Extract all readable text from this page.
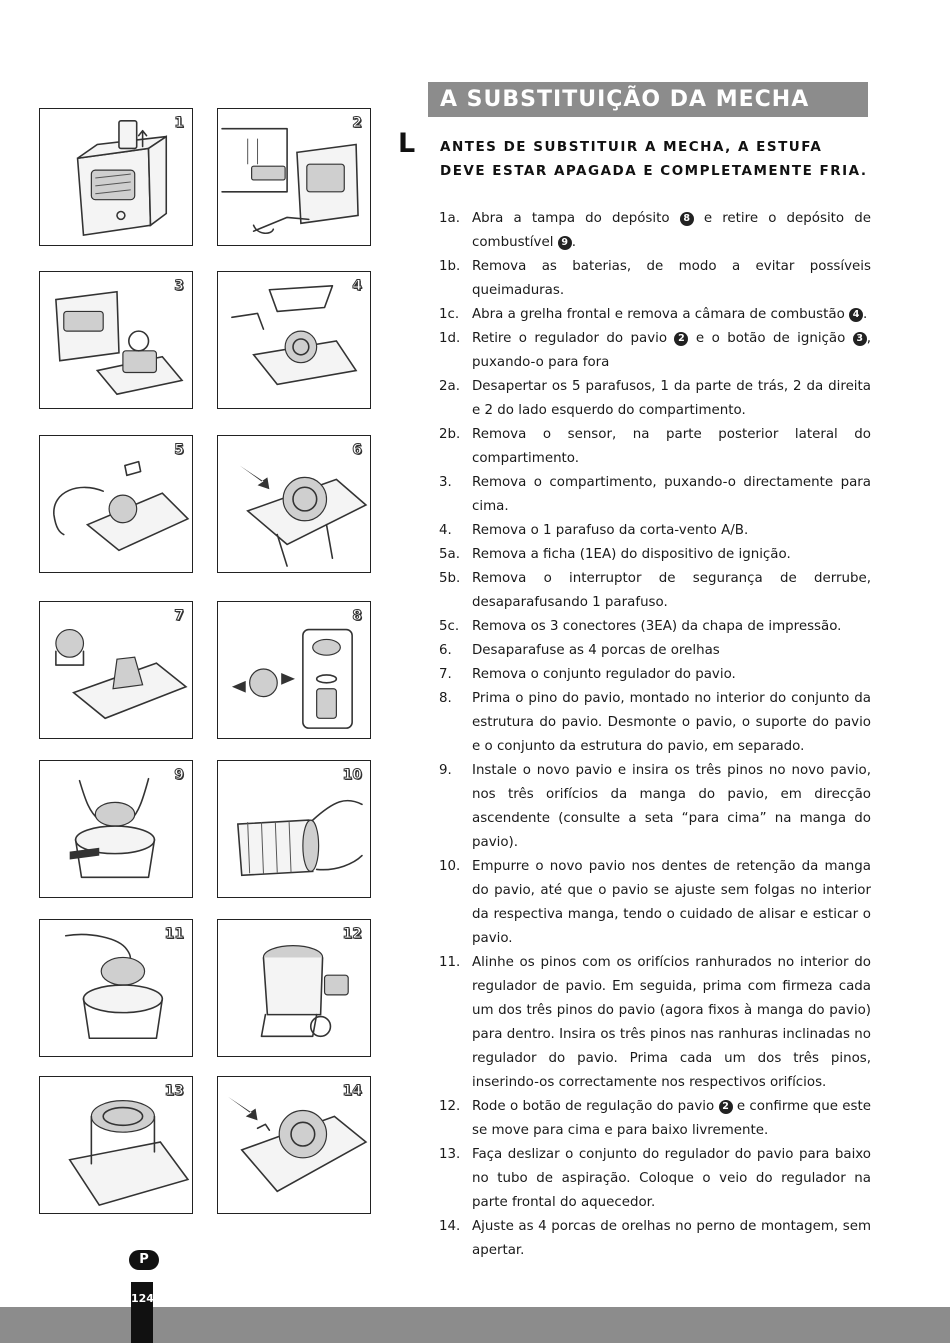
1	2
3	4
5	6
7	8
9	10
11	12
13	14
A SUBSTITUIÇÃO DA MECHA
L ANTES DE SUBSTITUIR A MECHA, A ESTUFA DEVE ESTAR APAGADA E COMPLETAMENTE FRIA.
1a. Abra a tampa do depósito 8 e retire o depósito de combustível 9 .
1b. Remova as baterias, de modo a evitar possíveis queimaduras.
1c. Abra a grelha frontal e remova a câmara de combustão 4 .
1d. Retire o regulador do pavio 2 e o botão de ignição 3 , puxando-o para fora
2a. Desapertar os 5 parafusos, 1 da parte de trás, 2 da direita e 2 do lado esquerdo do compartimento.
2b. Remova o sensor, na parte posterior lateral do compartimento.
3. Remova o compartimento, puxando-o directamente para cima.
4. Remova o 1 parafuso da corta-vento A/B.
5a. Remova a ficha (1EA) do dispositivo de ignição.
5b. Remova o interruptor de segurança de derrube, desaparafusando 1 parafuso.
5c. Remova os 3 conectores (3EA) da chapa de impressão.
6. Desaparafuse as 4 porcas de orelhas
7. Remova o conjunto regulador do pavio.
8. Prima o pino do pavio, montado no interior do conjunto da estrutura do pavio. Desmonte o pavio, o suporte do pavio e o conjunto da estrutura do pavio, em separado.
9. Instale o novo pavio e insira os três pinos no novo pavio, nos três orifícios da manga do pavio, em direcção ascendente (consulte a seta “para cima” na manga do pavio).
10. Empurre o novo pavio nos dentes de retenção da manga do pavio, até que o pavio se ajuste sem folgas no interior da respectiva manga, tendo o cuidado de alisar e esticar o pavio.
11. Alinhe os pinos com os orifícios ranhurados no interior do regulador de pavio. Em seguida, prima com firmeza cada um dos três pinos do pavio (agora fixos à manga do pavio) para dentro. Insira os três pinos nas ranhuras inclinadas no regulador do pavio. Prima cada um dos três pinos, inserindo-os correctamente nos respectivos orifícios.
12. Rode o botão de regulação do pavio 2 e confirme que este se move para cima e para baixo livremente.
13. Faça deslizar o conjunto do regulador do pavio para baixo no tubo de aspiração. Coloque o veio do regulador na parte frontal do aquecedor.
14. Ajuste as 4 porcas de orelhas no perno de montagem, sem apertar.
P
124
